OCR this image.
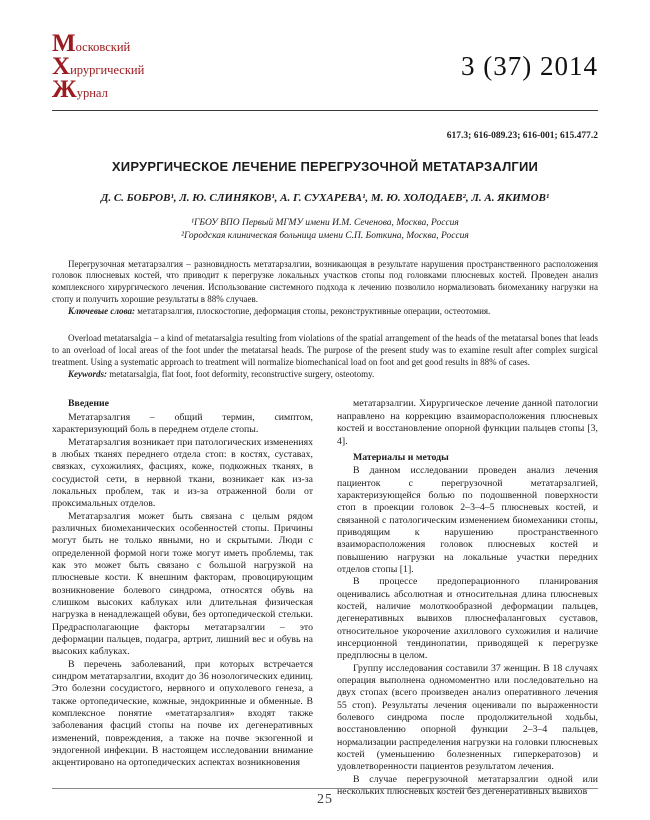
Московский
Хирургический
Журнал
3 (37) 2014
617.3; 616-089.23; 616-001; 615.477.2
ХИРУРГИЧЕСКОЕ ЛЕЧЕНИЕ ПЕРЕГРУЗОЧНОЙ МЕТАТАРЗАЛГИИ
Д. С. БОБРОВ¹, Л. Ю. СЛИНЯКОВ¹, А. Г. СУХАРЕВА¹, М. Ю. ХОЛОДАЕВ², Л. А. ЯКИМОВ¹
¹ГБОУ ВПО Первый МГМУ имени И.М. Сеченова, Москва, Россия
²Городская клиническая больница имени С.П. Боткина, Москва, Россия

Перегрузочная метатарзалгия – разновидность метатарзалгии, возникающая в результате нарушения пространственного расположения головок плюсневых костей, что приводит к перегрузке локальных участков стопы под головками плюсневых костей. Проведен анализ комплексного хирургического лечения. Использование системного подхода к лечению позволило нормализовать биомеханику нагрузки на стопу и получить хорошие результаты в 88% случаев.

Ключевые слова: метатарзалгия, плоскостопие, деформация стопы, реконструктивные операции, остеотомия.

Overload metatarsalgia – a kind of metatarsalgia resulting from violations of the spatial arrangement of the heads of the metatarsal bones that leads to an overload of local areas of the foot under the metatarsal heads. The purpose of the present study was to examine result after complex surgical treatment. Using a systematic approach to treatment will normalize biomechanical load on foot and get good results in 88% of cases.

Keywords: metatarsalgia, flat foot, foot deformity, reconstructive surgery, osteotomy.

Введение

Метатарзалгия – общий термин, симптом, характеризующий боль в переднем отделе стопы.

Метатарзалгия возникает при патологических изменениях в любых тканях переднего отдела стоп: в костях, суставах, связках, сухожилиях, фасциях, коже, подкожных тканях, в сосудистой сети, в нервной ткани, возникает как из-за локальных проблем, так и из-за отраженной боли от проксимальных отделов.

Метатарзалгия может быть связана с целым рядом различных биомеханических особенностей стопы. Причины могут быть не только явными, но и скрытыми. Люди с определенной формой ноги тоже могут иметь проблемы, так как это может быть связано с большой нагрузкой на плюсневые кости. К внешним факторам, провоцирующим возникновение болевого синдрома, относятся обувь на слишком высоких каблуках или длительная физическая нагрузка в ненадлежащей обуви, без ортопедической стельки. Предрасполагающие факторы метатарзалгии – это деформации пальцев, подагра, артрит, лишний вес и обувь на высоких каблуках.

В перечень заболеваний, при которых встречается синдром метатарзалгии, входит до 36 нозологических единиц. Это болезни сосудистого, нервного и опухолевого генеза, а также ортопедические, кожные, эндокринные и обменные. В комплексное понятие «метатарзалгия» входят также заболевания фасций стопы на почве их дегенеративных изменений, повреждения, а также на почве экзогенной и эндогенной инфекции. В настоящем исследовании внимание акцентировано на ортопедических аспектах возникновения

метатарзалгии. Хирургическое лечение данной патологии направлено на коррекцию взаиморасположения плюсневых костей и восстановление опорной функции пальцев стопы [3, 4].

Материалы и методы

В данном исследовании проведен анализ лечения пациенток с перегрузочной метатарзалгией, характеризующейся болью по подошвенной поверхности стоп в проекции головок 2–3–4–5 плюсневых костей, и связанной с патологическим изменением биомеханики стопы, приводящим к нарушению пространственного взаиморасположения головок плюсневых костей и повышению нагрузки на локальные участки передних отделов стопы [1].

В процессе предоперационного планирования оценивались абсолютная и относительная длина плюсневых костей, наличие молоткообразной деформации пальцев, дегенеративных вывихов плюснефаланговых суставов, относительное укорочение ахиллового сухожилия и наличие инсерционной тендинопатии, приводящей к перегрузке предплюсны в целом.

Группу исследования составили 37 женщин. В 18 случаях операция выполнена одномоментно или последовательно на двух стопах (всего произведен анализ оперативного лечения 55 стоп). Результаты лечения оценивали по выраженности болевого синдрома после продолжительной ходьбы, восстановлению опорной функции 2–3–4 пальцев, нормализации распределения нагрузки на головки плюсневых костей (уменьшению болезненных гиперкератозов) и удовлетворенности пациентов результатом лечения.

В случае перегрузочной метатарзалгии одной или нескольких плюсневых костей без дегенеративных вывихов

25
